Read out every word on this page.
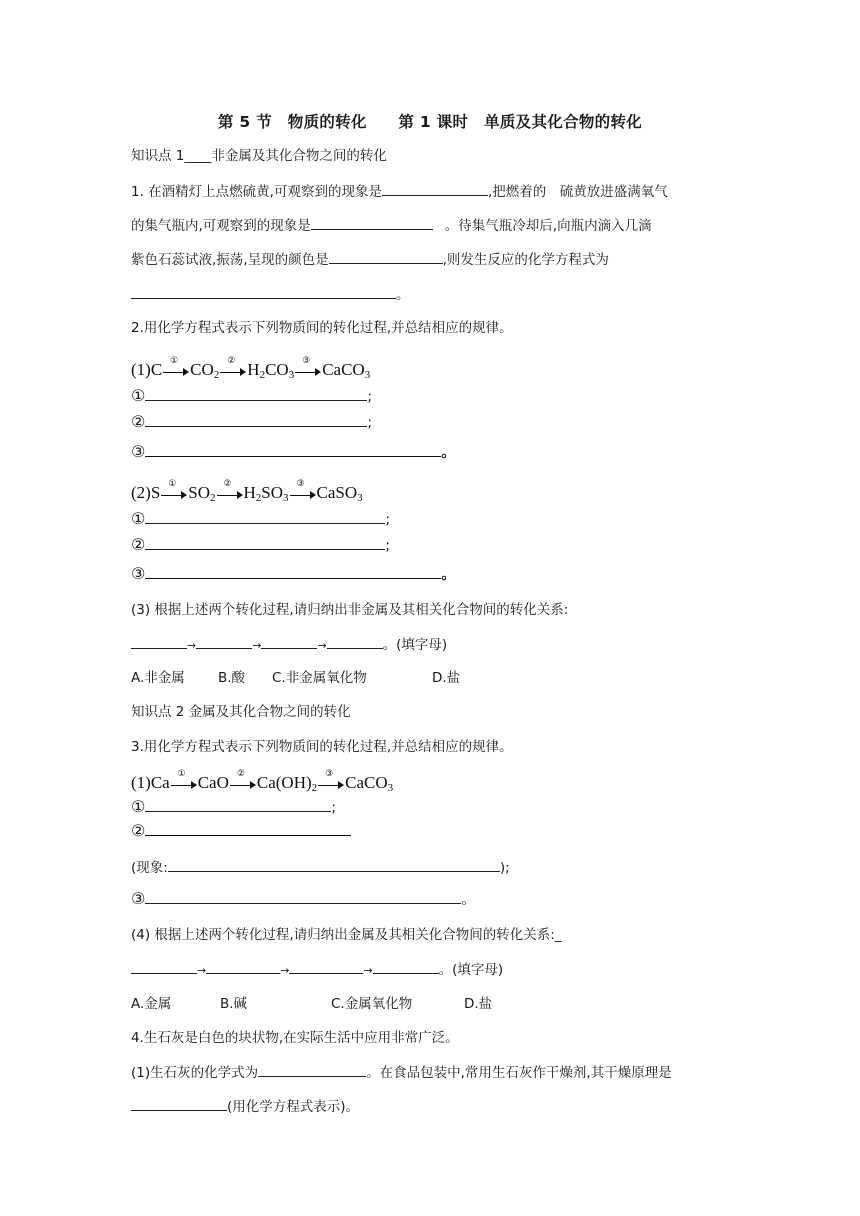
第 5 节　物质的转化　　第 1 课时　单质及其化合物的转化
知识点 1____非金属及其化合物之间的转化
1. 在酒精灯上点燃硫黄,可观察到的现象是	,把燃着的　硫黄放进盛满氧气
的集气瓶内,可观察到的现象是	。待集气瓶冷却后,向瓶内滴入几滴
紫色石蕊试液,振荡,呈现的颜色是	,则发生反应的化学方程式为
。
2.用化学方程式表示下列物质间的转化过程,并总结相应的规律。
(1)C ① $CO_2$
② $H_2CO_3$
③ CaCO$_3$
①	;
②	;
③	。
(2)S ① $SO_2$
② $H_2SO_3$
③ CaSO$_3$
①	;
②	;
③	。
(3) 根据上述两个转化过程,请归纳出非金属及其相关化合物间的转化关系:
→	→	→	。(填字母)
A.非金属 B.酸 C.非金属氧化物	D.盐
知识点 2 金属及其化合物之间的转化
3.用化学方程式表示下列物质间的转化过程,并总结相应的规律。
(1)Ca ① CaO ② $Ca(OH)_2$
③ CaCO$_3$
①	;
②
(现象:	);
③	。
(4) 根据上述两个转化过程,请归纳出金属及其相关化合物间的转化关系:_
→	→	→	。(填字母)
A.金属	B.碱	C.金属氧化物	D.盐
4.生石灰是白色的块状物,在实际生活中应用非常广泛。
(1)生石灰的化学式为	。在食品包装中,常用生石灰作干燥剂,其干燥原理是
(用化学方程式表示)。
